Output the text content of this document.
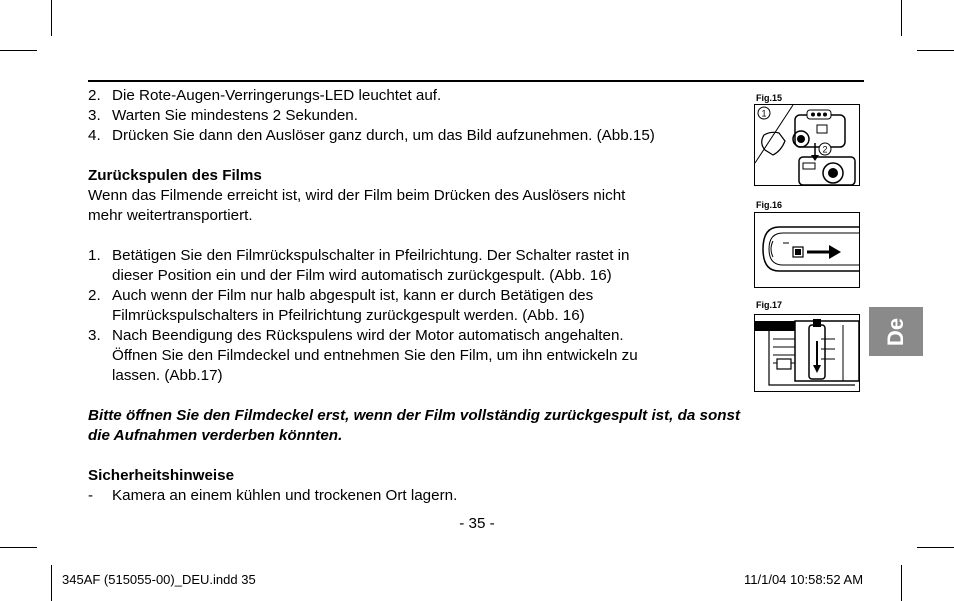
2. Die Rote-Augen-Verringerungs-LED leuchtet auf.

3. Warten Sie mindestens 2 Sekunden.

4. Drücken Sie dann den Auslöser ganz durch, um das Bild aufzunehmen. (Abb.15)

Zurückspulen des Films

Wenn das Filmende erreicht ist, wird der Film beim Drücken des Auslösers nicht

mehr weitertransportiert.

1. Betätigen Sie den Filmrückspulschalter in Pfeilrichtung. Der Schalter rastet in

dieser Position ein und der Film wird automatisch zurückgespult. (Abb. 16)

2. Auch wenn der Film nur halb abgespult ist, kann er durch Betätigen des

Filmrückspulschalters in Pfeilrichtung zurückgespult werden. (Abb. 16)

3. Nach Beendigung des Rückspulens wird der Motor automatisch angehalten.

Öffnen Sie den Filmdeckel und entnehmen Sie den Film, um ihn entwickeln zu

lassen. (Abb.17)

Bitte öffnen Sie den Filmdeckel erst, wenn der Film vollständig zurückgespult ist, da sonst

die Aufnahmen verderben könnten.

Sicherheitshinweise

- Kamera an einem kühlen und trockenen Ort lagern.

Fig.15
1
2
Fig.16
Fig.17
De
- 35 -
345AF (515055-00)_DEU.indd 35	11/1/04 10:58:52 AM
